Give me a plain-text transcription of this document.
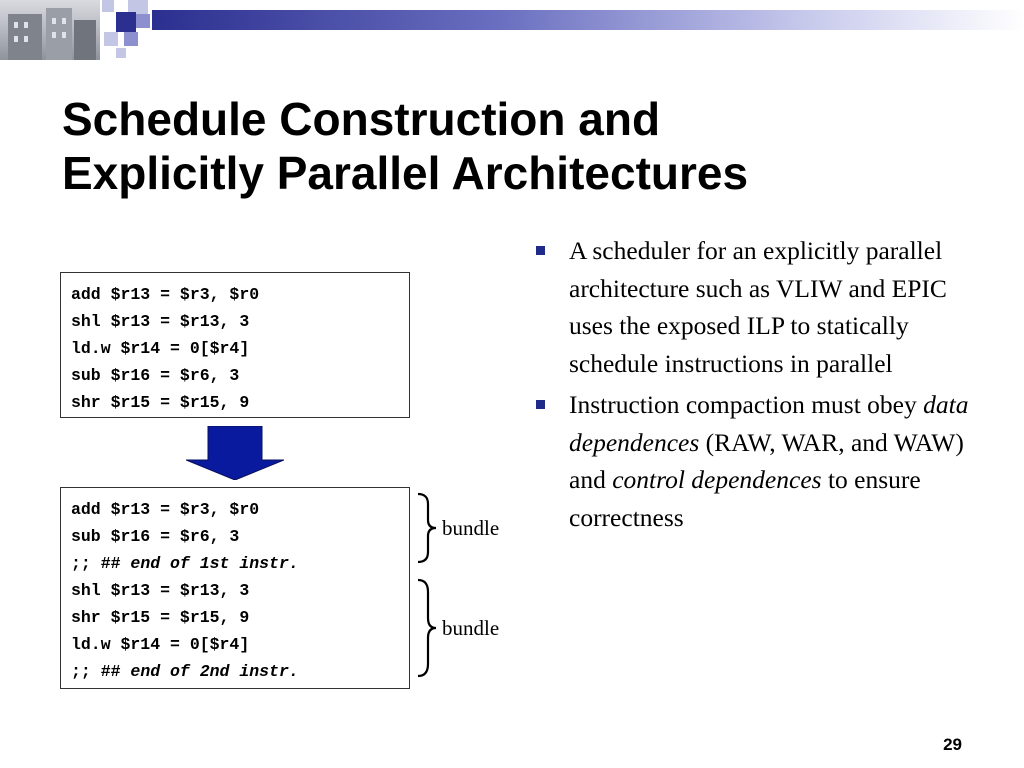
Schedule Construction and
Explicitly Parallel Architectures
add $r13 = $r3, $r0
shl $r13 = $r13, 3
ld.w $r14 = 0[$r4]
sub $r16 = $r6, 3
shr $r15 = $r15, 9
add $r13 = $r3, $r0
sub $r16 = $r6, 3
;; ## end of 1st instr.
shl $r13 = $r13, 3
shr $r15 = $r15, 9
ld.w $r14 = 0[$r4]
;; ## end of 2nd instr.
bundle
bundle
A scheduler for an explicitly parallel architecture such as VLIW and EPIC uses the exposed ILP to statically schedule instructions in parallel
Instruction compaction must obey data dependences (RAW, WAR, and WAW) and control dependences to ensure correctness
29
